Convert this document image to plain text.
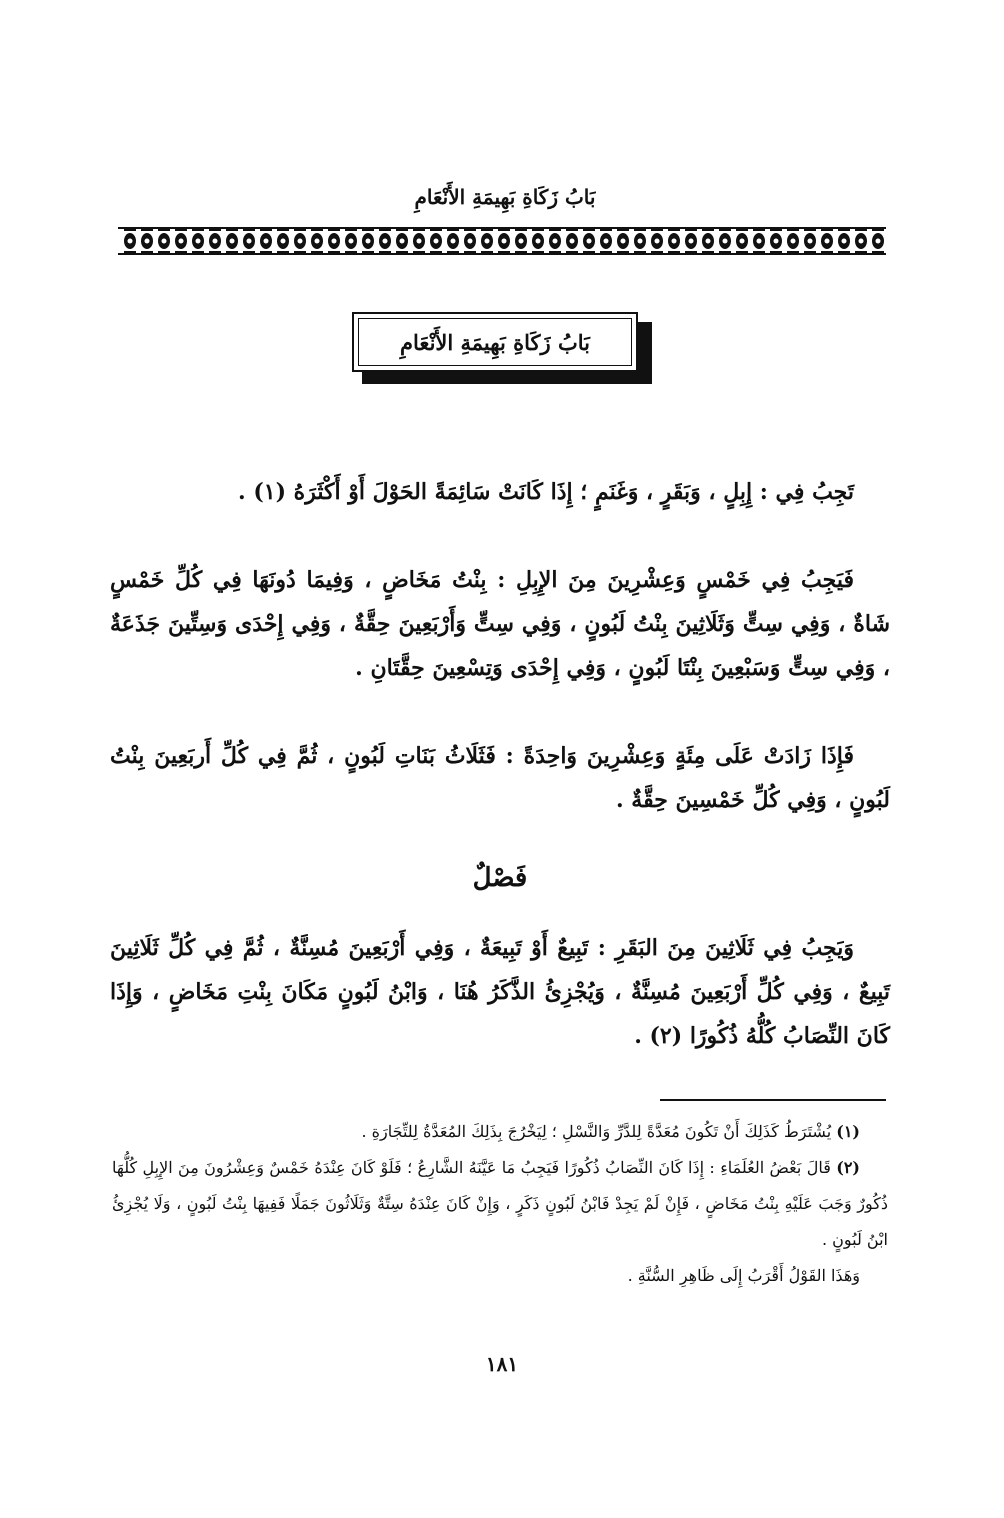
بَابُ زَكَاةِ بَهِيمَةِ الأَنْعَامِ
بَابُ زَكَاةِ بَهِيمَةِ الأَنْعَامِ

تَجِبُ فِي : إِبِلٍ ، وَبَقَرٍ ، وَغَنَمٍ ؛ إِذَا كَانَتْ سَائِمَةً الحَوْلَ أَوْ أَكْثَرَهُ (١) .

فَيَجِبُ فِي خَمْسٍ وَعِشْرِينَ مِنَ الإِبِلِ : بِنْتُ مَخَاضٍ ، وَفِيمَا دُونَهَا فِي كُلِّ خَمْسٍ شَاةٌ ، وَفِي سِتٍّ وَثَلَاثِينَ بِنْتُ لَبُونٍ ، وَفِي سِتٍّ وَأَرْبَعِينَ حِقَّةٌ ، وَفِي إِحْدَى وَسِتِّينَ جَذَعَةٌ ، وَفِي سِتٍّ وَسَبْعِينَ بِنْتَا لَبُونٍ ، وَفِي إِحْدَى وَتِسْعِينَ حِقَّتَانِ .

فَإِذَا زَادَتْ عَلَى مِئَةٍ وَعِشْرِينَ وَاحِدَةً : فَثَلَاثُ بَنَاتِ لَبُونٍ ، ثُمَّ فِي كُلِّ أَربَعِينَ بِنْتُ لَبُونٍ ، وَفِي كُلِّ خَمْسِينَ حِقَّةٌ .

فَصْلٌ

وَيَجِبُ فِي ثَلَاثِينَ مِنَ البَقَرِ : تَبِيعٌ أَوْ تَبِيعَةٌ ، وَفِي أَرْبَعِينَ مُسِنَّةٌ ، ثُمَّ فِي كُلِّ ثَلَاثِينَ تَبِيعٌ ، وَفِي كُلِّ أَرْبَعِينَ مُسِنَّةٌ ، وَيُجْزِئُ الذَّكَرُ هُنَا ، وَابْنُ لَبُونٍ مَكَانَ بِنْتِ مَخَاضٍ ، وَإِذَا كَانَ النِّصَابُ كُلُّهُ ذُكُورًا (٢) .

(١) يُشْتَرَطُ كَذَلِكَ أَنْ تَكُونَ مُعَدَّةً لِلدَّرِّ وَالنَّسْلِ ؛ لِيَخْرُجَ بِذَلِكَ المُعَدَّةُ لِلتِّجَارَةِ .

(٢) قَالَ بَعْضُ العُلَمَاءِ : إِذَا كَانَ النِّصَابُ ذُكُورًا فَيَجِبُ مَا عَيَّنَهُ الشَّارِعُ ؛ فَلَوْ كَانَ عِنْدَهُ خَمْسٌ وَعِشْرُونَ مِنَ الإِبِلِ كُلُّهَا ذُكُورٌ وَجَبَ عَلَيْهِ بِنْتُ مَخَاضٍ ، فَإِنْ لَمْ يَجِدْ فَابْنُ لَبُونٍ ذَكَرٍ ، وَإِنْ كَانَ عِنْدَهُ سِتَّةٌ وَثَلَاثُونَ جَمَلًا فَفِيهَا بِنْتُ لَبُونٍ ، وَلَا يُجْزِئُ ابْنُ لَبُونٍ .

وَهَذَا القَوْلُ أَقْرَبُ إِلَى ظَاهِرِ السُّنَّةِ .

١٨١
